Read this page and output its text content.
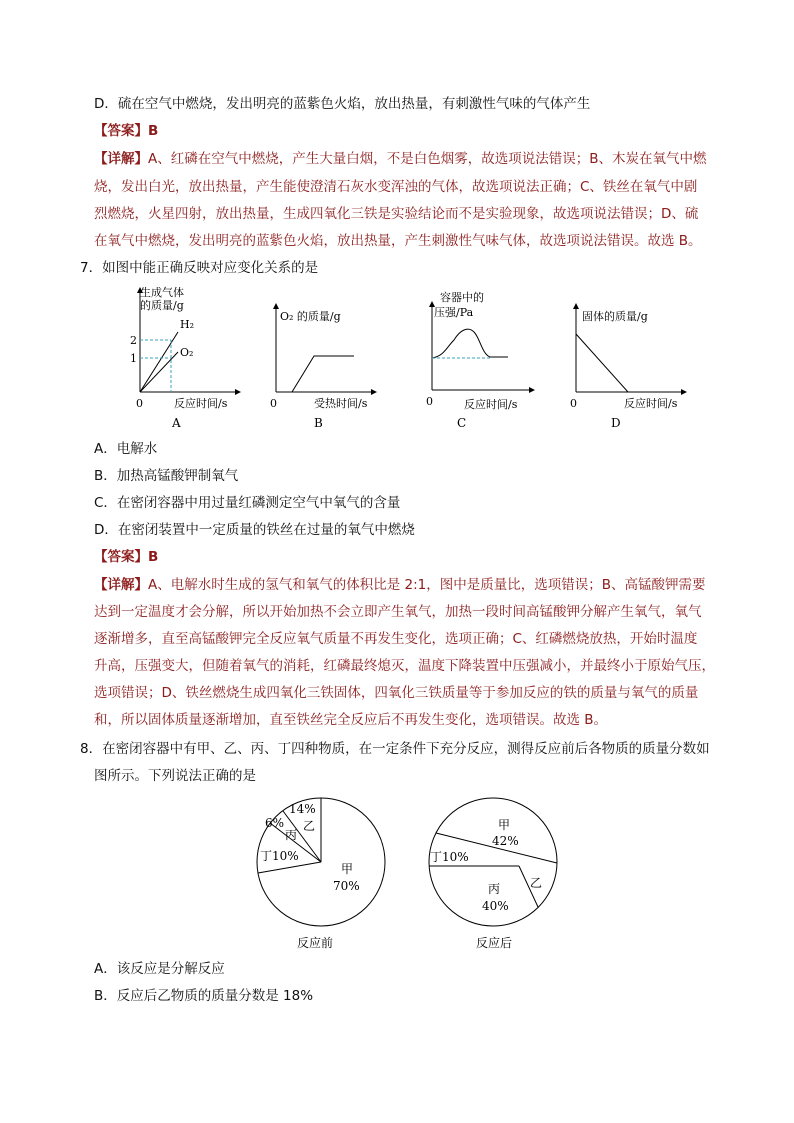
D．硫在空气中燃烧，发出明亮的蓝紫色火焰，放出热量，有刺激性气味的气体产生
【答案】B
【详解】A、红磷在空气中燃烧，产生大量白烟，不是白色烟雾，故选项说法错误；B、木炭在氧气中燃
烧，发出白光，放出热量，产生能使澄清石灰水变浑浊的气体，故选项说法正确；C、铁丝在氧气中剧
烈燃烧，火星四射，放出热量，生成四氧化三铁是实验结论而不是实验现象，故选项说法错误；D、硫
在氧气中燃烧，发出明亮的蓝紫色火焰，放出热量，产生刺激性气味气体，故选项说法错误。故选 B。
7．如图中能正确反映对应变化关系的是
生成气体
的质量/g
H₂
O₂
2
1
0	反应时间/s
A
O₂ 的质量/g
0	受热时间/s
B
容器中的
压强/Pa
0	反应时间/s
C
固体的质量/g
0	反应时间/s
D
A．电解水
B．加热高锰酸钾制氧气
C．在密闭容器中用过量红磷测定空气中氧气的含量
D．在密闭装置中一定质量的铁丝在过量的氧气中燃烧
【答案】B
【详解】A、电解水时生成的氢气和氧气的体积比是 2:1，图中是质量比，选项错误；B、高锰酸钾需要
达到一定温度才会分解，所以开始加热不会立即产生氧气，加热一段时间高锰酸钾分解产生氧气，氧气
逐渐增多，直至高锰酸钾完全反应氧气质量不再发生变化，选项正确；C、红磷燃烧放热，开始时温度
升高，压强变大，但随着氧气的消耗，红磷最终熄灭，温度下降装置中压强减小，并最终小于原始气压，
选项错误；D、铁丝燃烧生成四氧化三铁固体，四氧化三铁质量等于参加反应的铁的质量与氧气的质量
和，所以固体质量逐渐增加，直至铁丝完全反应后不再发生变化，选项错误。故选 B。
8．在密闭容器中有甲、乙、丙、丁四种物质，在一定条件下充分反应，测得反应前后各物质的质量分数如
图所示。下列说法正确的是
14%
乙
6%
丙
丁10%
甲
70%
反应前
甲
42%
丁10%
乙
丙
40%
反应后
A．该反应是分解反应
B．反应后乙物质的质量分数是 18%
